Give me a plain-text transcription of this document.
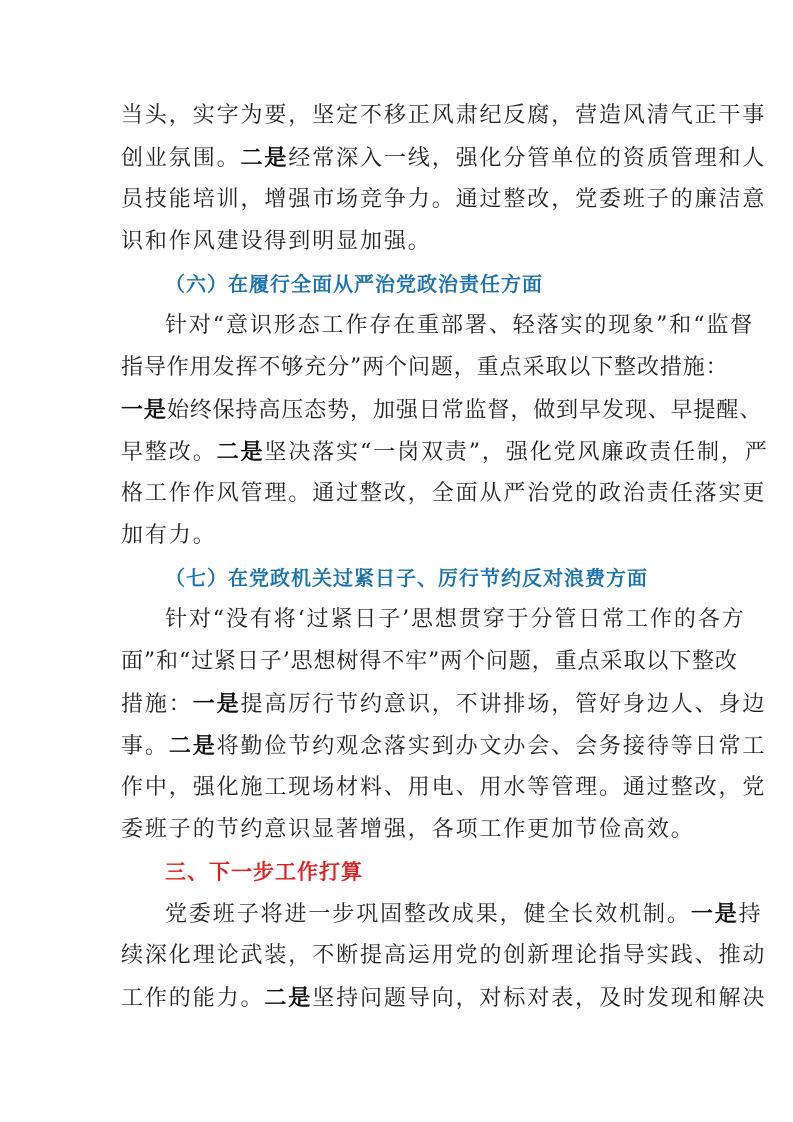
当头，实字为要，坚定不移正风肃纪反腐，营造风清气正干事
创业氛围。二是经常深入一线，强化分管单位的资质管理和人
员技能培训，增强市场竞争力。通过整改，党委班子的廉洁意
识和作风建设得到明显加强。
（六）在履行全面从严治党政治责任方面
针对“意识形态工作存在重部署、轻落实的现象”和“监督
指导作用发挥不够充分”两个问题，重点采取以下整改措施：
一是始终保持高压态势，加强日常监督，做到早发现、早提醒、
早整改。二是坚决落实“一岗双责”，强化党风廉政责任制，严
格工作作风管理。通过整改，全面从严治党的政治责任落实更
加有力。
（七）在党政机关过紧日子、厉行节约反对浪费方面
针对“没有将‘过紧日子’思想贯穿于分管日常工作的各方
面”和“过紧日子’思想树得不牢”两个问题，重点采取以下整改
措施：一是提高厉行节约意识，不讲排场，管好身边人、身边
事。二是将勤俭节约观念落实到办文办会、会务接待等日常工
作中，强化施工现场材料、用电、用水等管理。通过整改，党
委班子的节约意识显著增强，各项工作更加节俭高效。
三、下一步工作打算
党委班子将进一步巩固整改成果，健全长效机制。一是持
续深化理论武装，不断提高运用党的创新理论指导实践、推动
工作的能力。二是坚持问题导向，对标对表，及时发现和解决
